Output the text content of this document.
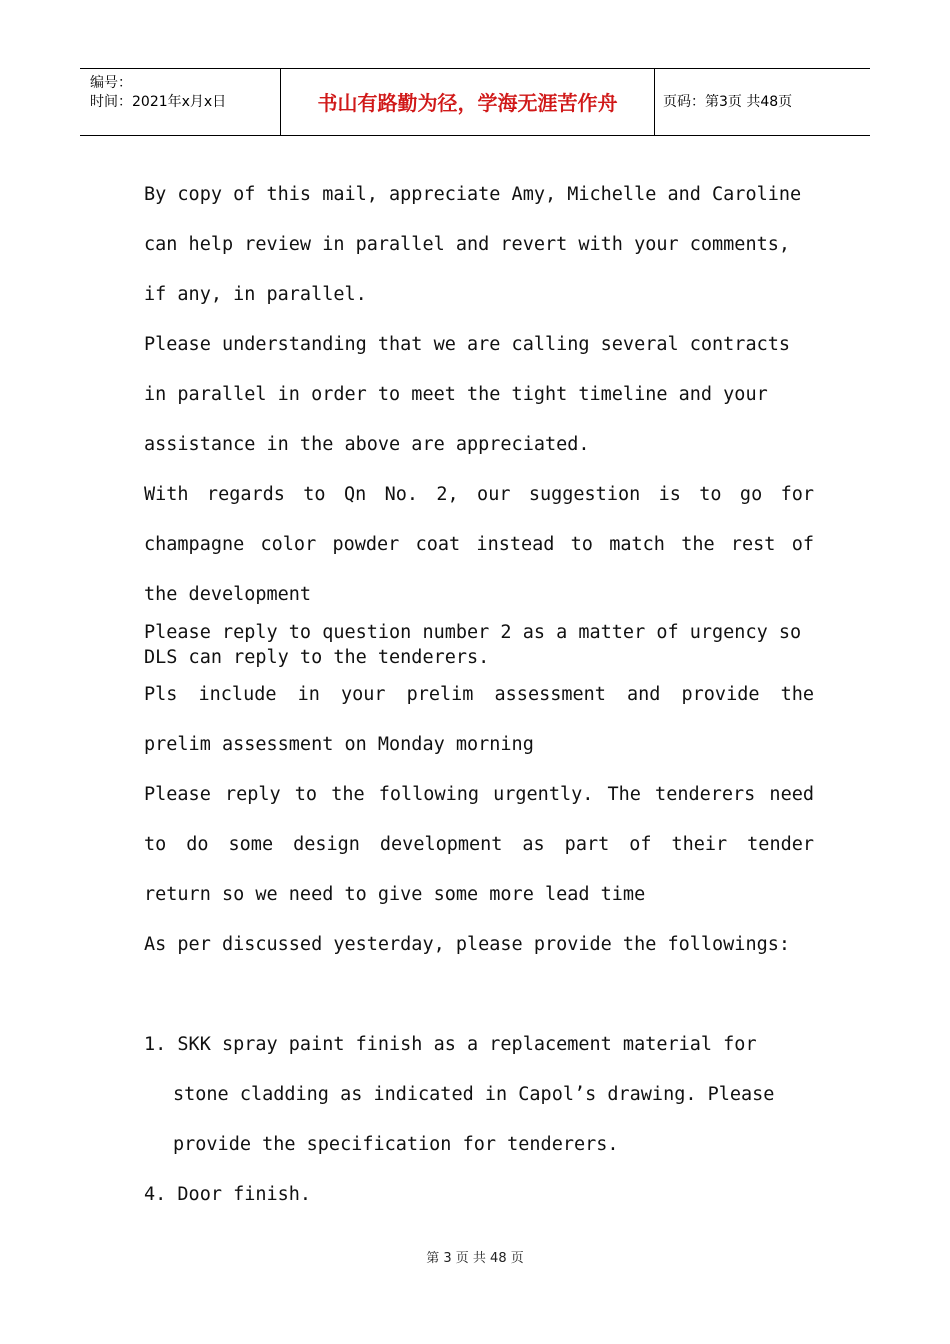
编号：
时间：2021年x月x日	书山有路勤为径，学海无涯苦作舟	页码：第3页 共48页
By copy of this mail, appreciate Amy, Michelle and Caroline
can help review in parallel and revert with your comments,
if any, in parallel.
Please understanding that we are calling several contracts
in parallel in order to meet the tight timeline and your
assistance in the above are appreciated.
With regards to Qn No. 2, our suggestion is to go for
champagne color powder coat instead to match the rest of
the development
Please reply to question number 2 as a matter of urgency so
DLS can reply to the tenderers.
Pls include in your prelim assessment and provide the
prelim assessment on Monday morning
Please reply to the following urgently. The tenderers need
to do some design development as part of their tender
return so we need to give some more lead time
As per discussed yesterday, please provide the followings:

1. SKK spray paint finish as a replacement material for
stone cladding as indicated in Capol’s drawing. Please
provide the specification for tenderers.
4. Door finish.
第 3 页 共 48 页
